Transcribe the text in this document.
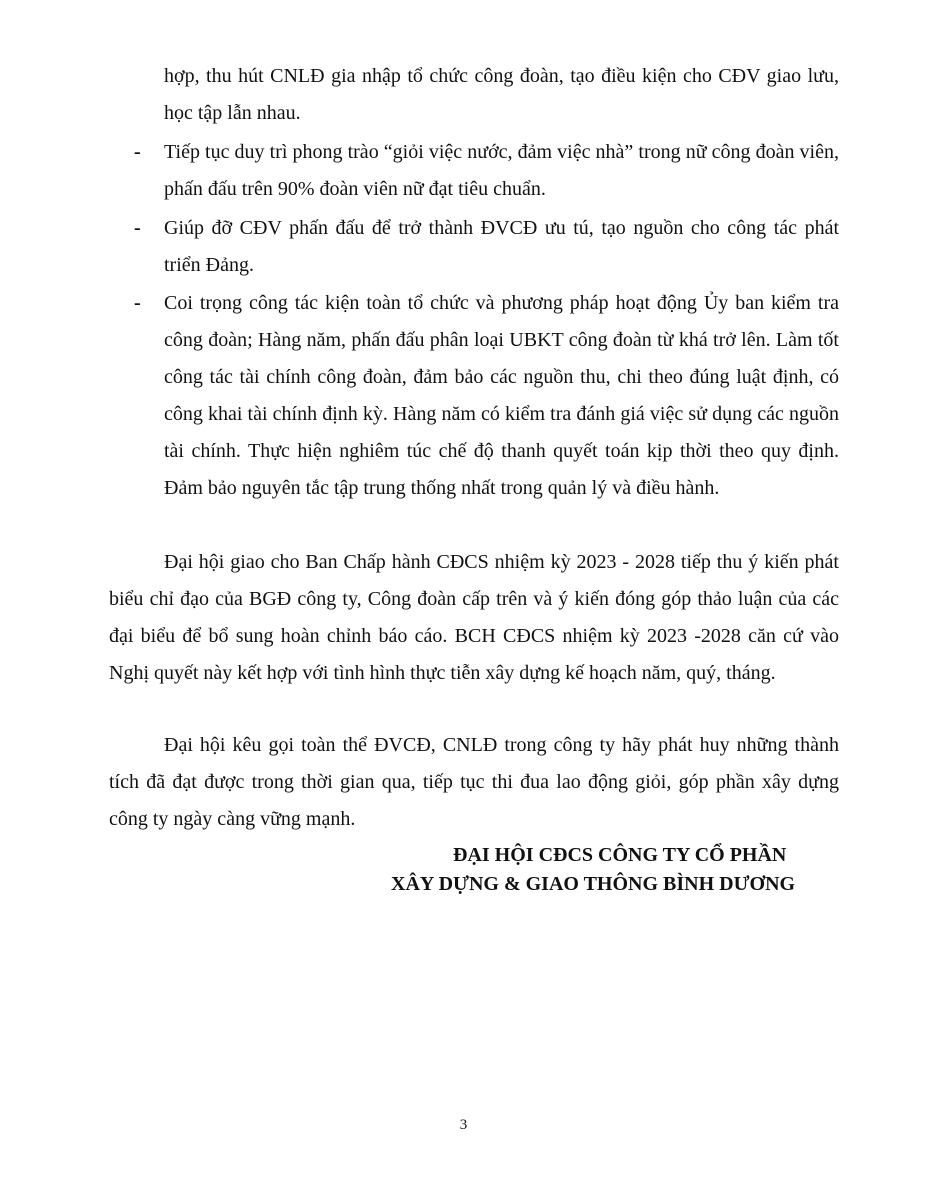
hợp, thu hút CNLĐ gia nhập tổ chức công đoàn, tạo điều kiện cho CĐV giao lưu, học tập lẫn nhau.

- Tiếp tục duy trì phong trào “giỏi việc nước, đảm việc nhà” trong nữ công đoàn viên, phấn đấu trên 90% đoàn viên nữ đạt tiêu chuẩn.
- Giúp đỡ CĐV phấn đấu để trở thành ĐVCĐ ưu tú, tạo nguồn cho công tác phát triển Đảng.
- Coi trọng công tác kiện toàn tổ chức và phương pháp hoạt động Ủy ban kiểm tra công đoàn; Hàng năm, phấn đấu phân loại UBKT công đoàn từ khá trở lên. Làm tốt công tác tài chính công đoàn, đảm bảo các nguồn thu, chi theo đúng luật định, có công khai tài chính định kỳ. Hàng năm có kiểm tra đánh giá việc sử dụng các nguồn tài chính. Thực hiện nghiêm túc chế độ thanh quyết toán kịp thời theo quy định. Đảm bảo nguyên tắc tập trung thống nhất trong quản lý và điều hành.

Đại hội giao cho Ban Chấp hành CĐCS nhiệm kỳ 2023 - 2028 tiếp thu ý kiến phát biểu chỉ đạo của BGĐ công ty, Công đoàn cấp trên và ý kiến đóng góp thảo luận của các đại biểu để bổ sung hoàn chỉnh báo cáo. BCH CĐCS nhiệm kỳ 2023 -2028 căn cứ vào Nghị quyết này kết hợp với tình hình thực tiễn xây dựng kế hoạch năm, quý, tháng.

Đại hội kêu gọi toàn thể ĐVCĐ, CNLĐ trong công ty hãy phát huy những thành tích đã đạt được trong thời gian qua, tiếp tục thi đua lao động giỏi, góp phần xây dựng công ty ngày càng vững mạnh.

ĐẠI HỘI CĐCS CÔNG TY CỔ PHẦN

XÂY DỰNG & GIAO THÔNG BÌNH DƯƠNG

3
